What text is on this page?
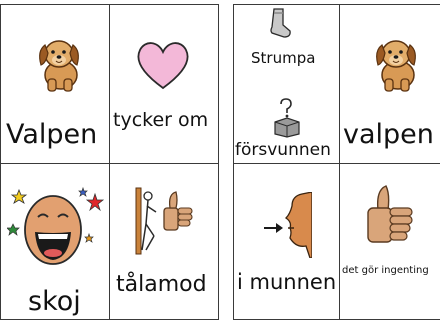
Valpen tycker om
skoj
tålamod
Strumpa
försvunnen valpen
i munnen det gör ingenting
